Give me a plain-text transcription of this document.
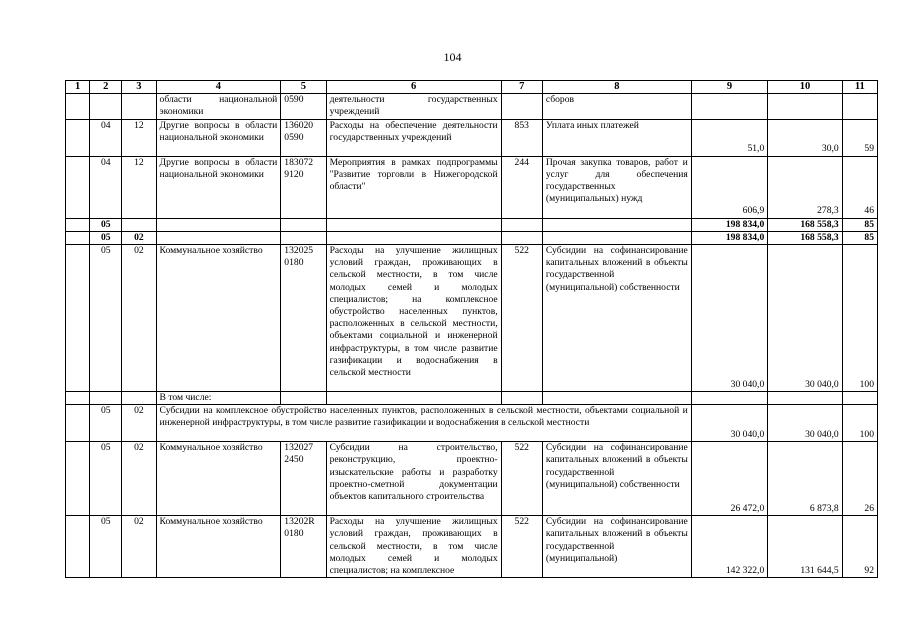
104
1	2	3	4	5	6	7	8	9	10	11
			области национальной экономики	0590	деятельности государственных учреждений		сборов			
	04	12	Другие вопросы в области национальной экономики	136020 0590	Расходы на обеспечение деятельности государственных учреждений	853	Уплата иных платежей	51,0	30,0	59
	04	12	Другие вопросы в области национальной экономики	183072 9120	Мероприятия в рамках подпрограммы "Развитие торговли в Нижегородской области"	244	Прочая закупка товаров, работ и услуг для обеспечения государственных (муниципальных) нужд	606,9	278,3	46
	05							198 834,0	168 558,3	85
	05	02						198 834,0	168 558,3	85
	05	02	Коммунальное хозяйство	132025 0180	Расходы на улучшение жилищных условий граждан, проживающих в сельской местности, в том числе молодых семей и молодых специалистов; на комплексное обустройство населенных пунктов, расположенных в сельской местности, объектами социальной и инженерной инфраструктуры, в том числе развитие газификации и водоснабжения в сельской местности	522	Субсидии на софинансирование капитальных вложений в объекты государственной (муниципальной) собственности	30 040,0	30 040,0	100
			В том числе:							
	05	02	Субсидии на комплексное обустройство населенных пунктов, расположенных в сельской местности, объектами социальной и инженерной инфраструктуры, в том числе развитие газификации и водоснабжения в сельской местности					30 040,0	30 040,0	100
	05	02	Коммунальное хозяйство	132027 2450	Субсидии на строительство, реконструкцию, проектно-изыскательские работы и разработку проектно-сметной документации объектов капитального строительства	522	Субсидии на софинансирование капитальных вложений в объекты государственной (муниципальной) собственности	26 472,0	6 873,8	26
	05	02	Коммунальное хозяйство	13202R 0180	Расходы на улучшение жилищных условий граждан, проживающих в сельской местности, в том числе молодых семей и молодых специалистов; на комплексное	522	Субсидии на софинансирование капитальных вложений в объекты государственной (муниципальной)	142 322,0	131 644,5	92
